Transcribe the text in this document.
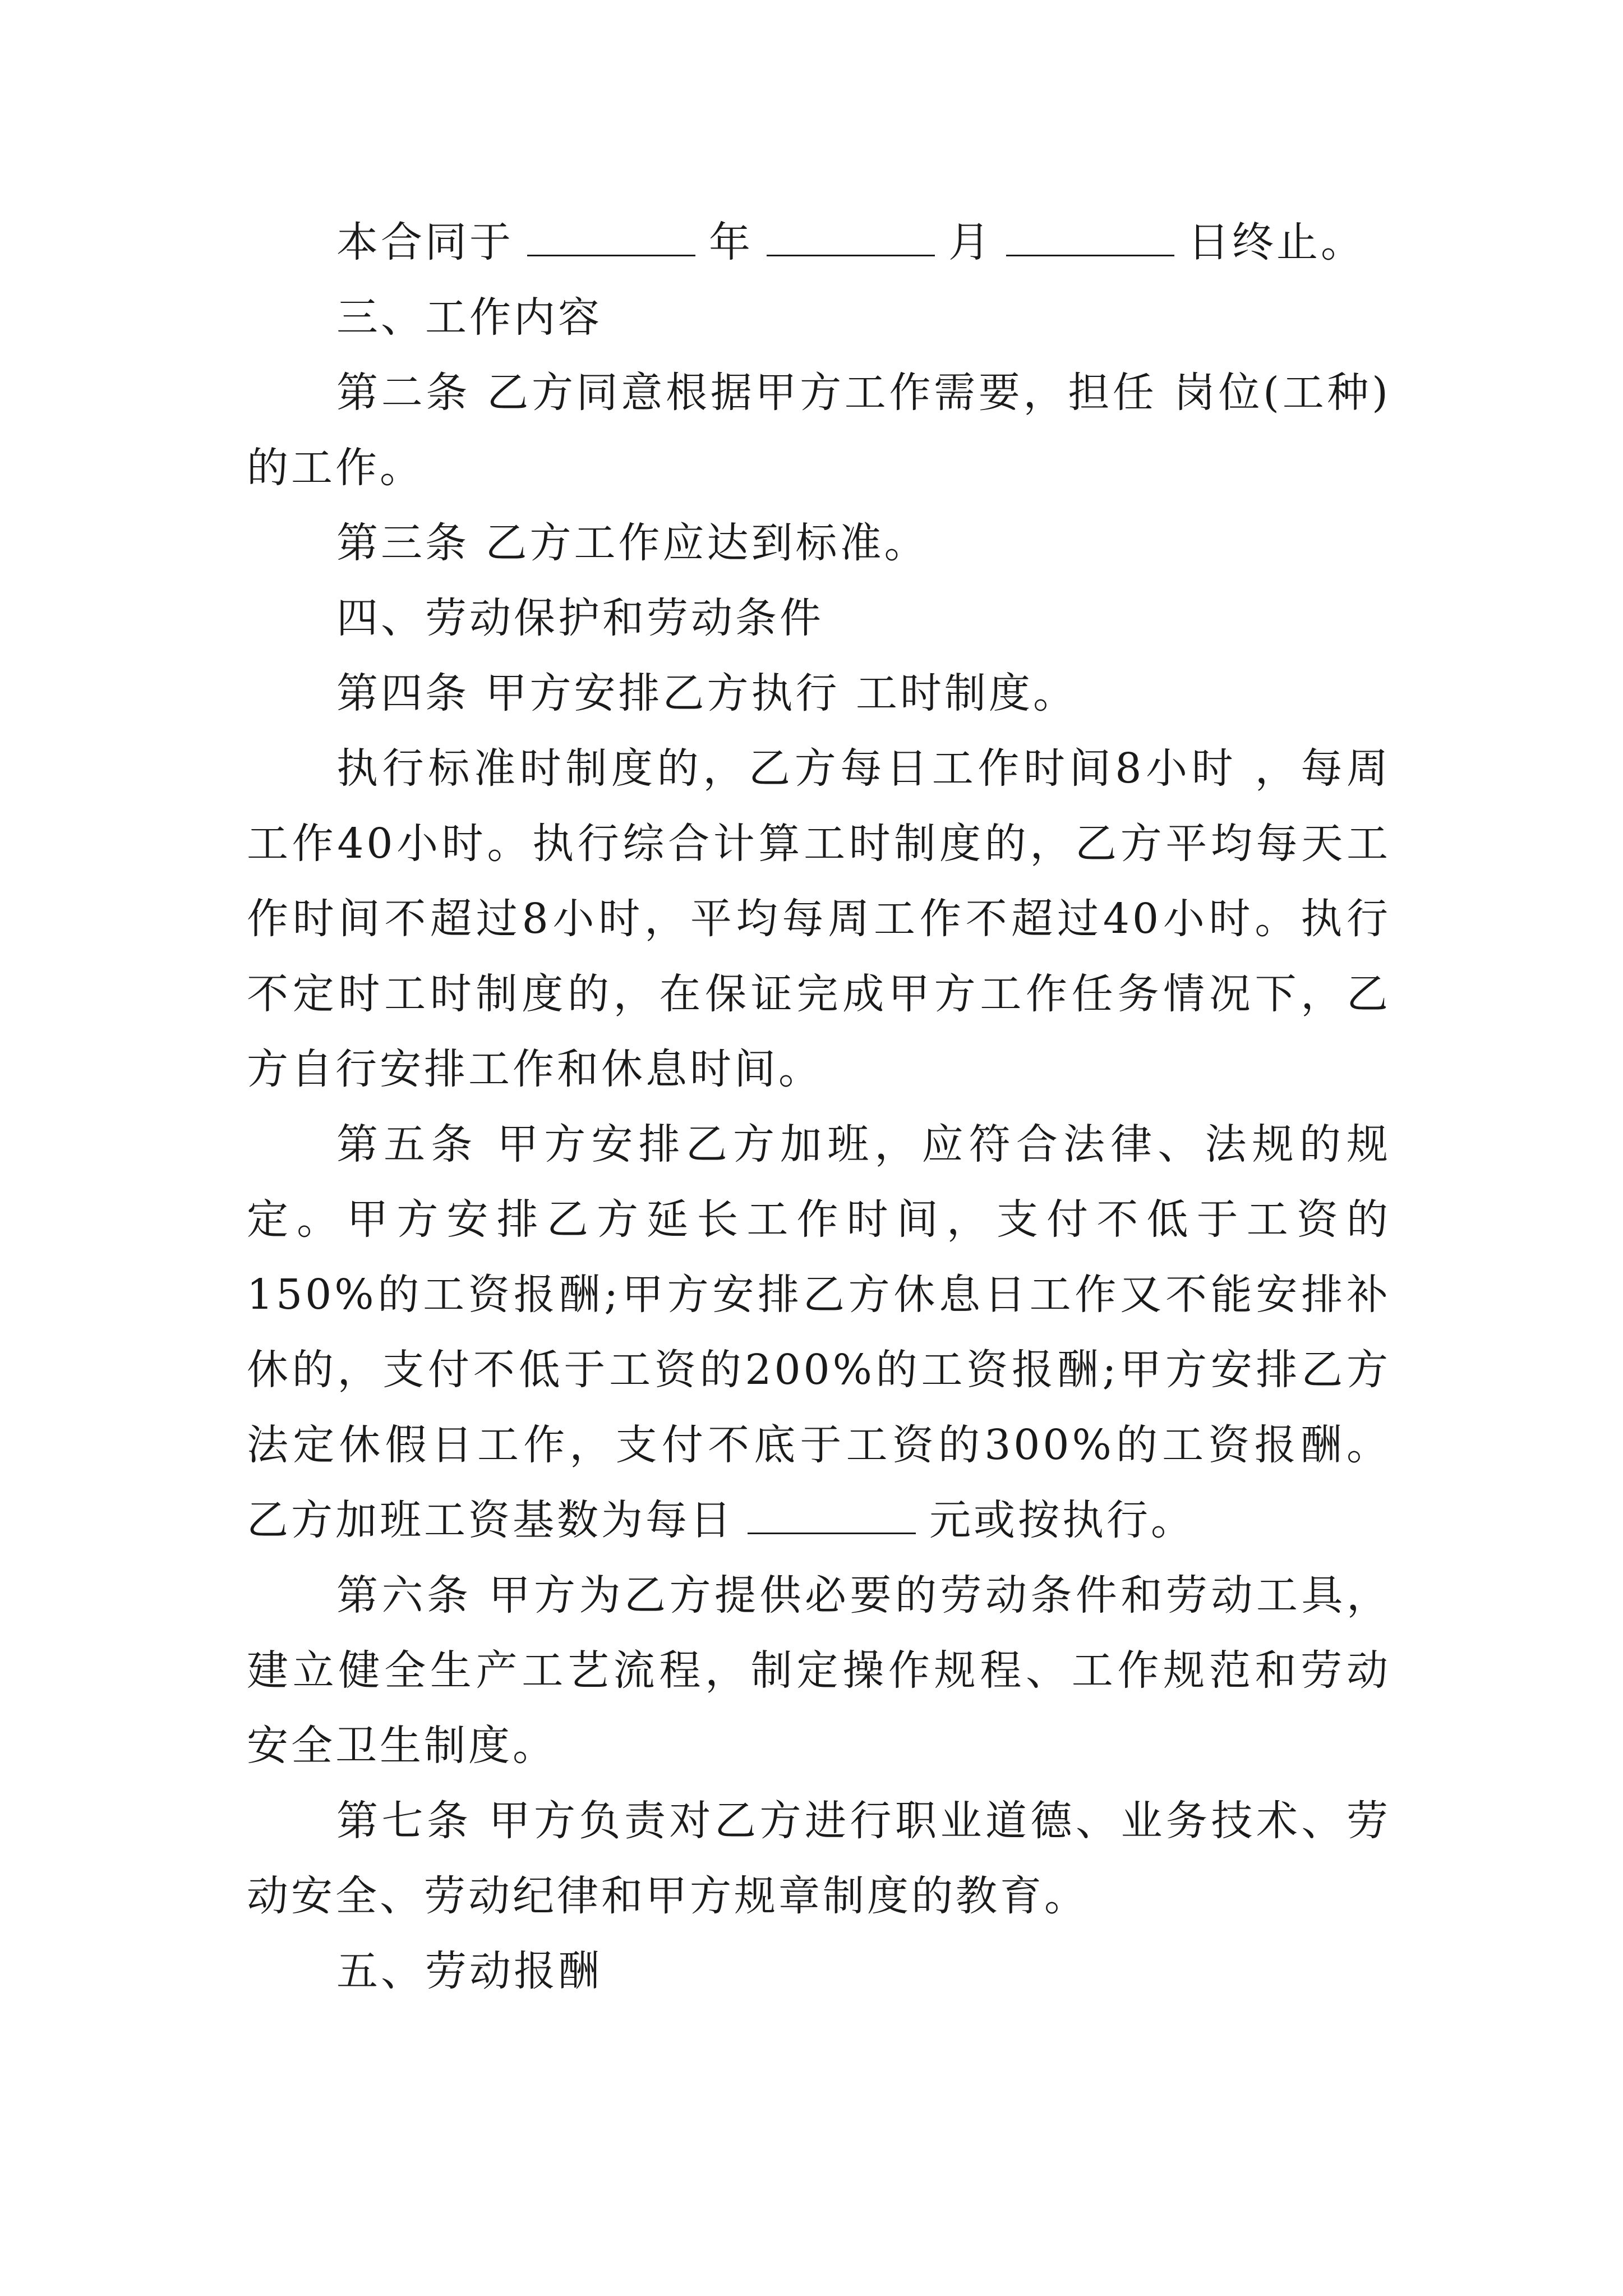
本合同于	年	月	日终止。

三、工作内容

第二条 乙方同意根据甲方工作需要，担任 岗位(工种)的工作。

第三条 乙方工作应达到标准。

四、劳动保护和劳动条件

第四条 甲方安排乙方执行 工时制度。

执行标准时制度的，乙方每日工作时间8小时 ，每周工作40小时。执行综合计算工时制度的，乙方平均每天工作时间不超过8小时，平均每周工作不超过40小时。执行不定时工时制度的，在保证完成甲方工作任务情况下，乙方自行安排工作和休息时间。

第五条 甲方安排乙方加班，应符合法律、法规的规定。甲方安排乙方延长工作时间，支付不低于工资的150%的工资报酬;甲方安排乙方休息日工作又不能安排补休的，支付不低于工资的200%的工资报酬;甲方安排乙方法定休假日工作，支付不底于工资的300%的工资报酬。乙方加班工资基数为每日	元或按执行。

第六条 甲方为乙方提供必要的劳动条件和劳动工具，建立健全生产工艺流程，制定操作规程、工作规范和劳动安全卫生制度。

第七条 甲方负责对乙方进行职业道德、业务技术、劳动安全、劳动纪律和甲方规章制度的教育。

五、劳动报酬
